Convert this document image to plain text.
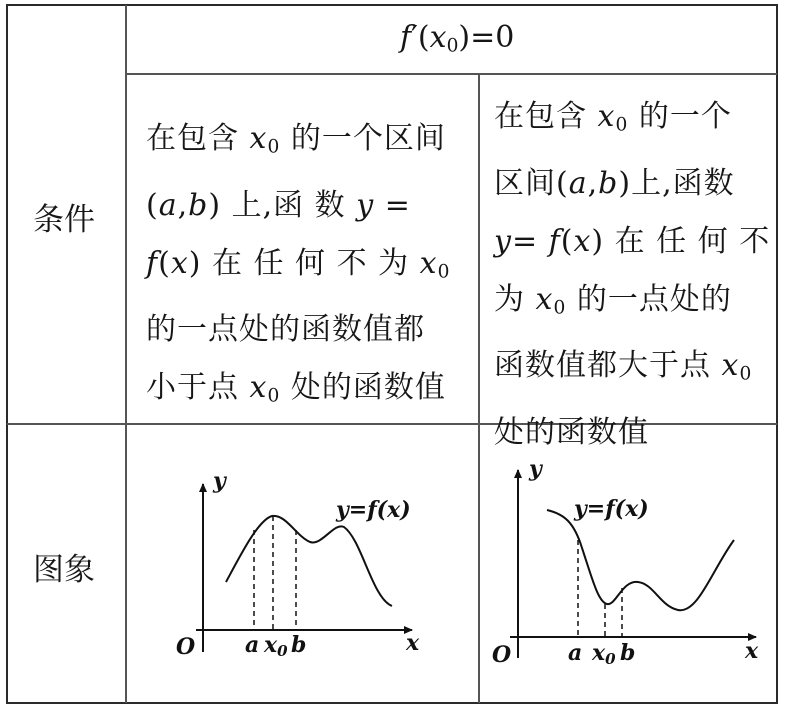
$f'(x_0)=0$
条件
图象
在包含 $x_0$ 的一个区间
(a,b) 上,函 数 y =
f(x) 在 任 何 不 为 $x_0$
的一点处的函数值都
小于点 $x_0$ 处的函数值
在包含 $x_0$ 的一个
区间(a,b)上,函数
y= f(x) 在 任 何 不
为 $x_0$ 的一点处的
函数值都大于点 $x_0$
处的函数值
y
O	x
y=f(x)
a x0 b
y
O	x
y=f(x)
a x0 b
